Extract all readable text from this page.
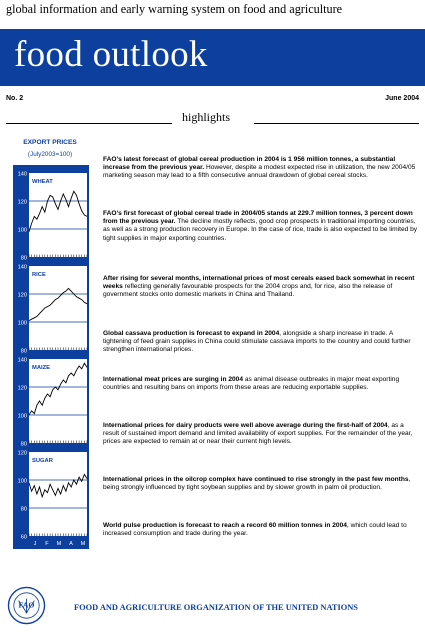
global information and early warning system on food and agriculture
food outlook
No. 2	June 2004
highlights
EXPORT PRICES
(July2003=100)
140
120
100
80
WHEAT
140
120
100
80
RICE
140
120
100
80
MAIZE
120
100
80
60
SUGAR
J F M A M
2004
FAO’s latest forecast of global cereal production in 2004 is 1 956 million tonnes, a substantial increase from the previous year. However, despite a modest expected rise in utilization, the new 2004/05 marketing season may lead to a fifth consecutive annual drawdown of global cereal stocks.
FAO’s first forecast of global cereal trade in 2004/05 stands at 229.7 million tonnes, 3 percent down from the previous year. The decline mostly reflects, good crop prospects in traditional importing countries, as well as a strong production recovery in Europe. In the case of rice, trade is also expected to be limited by tight supplies in major exporting countries.
After rising for several months, international prices of most cereals eased back somewhat in recent weeks reflecting generally favourable prospects for the 2004 crops and, for rice, also the release of government stocks onto domestic markets in China and Thailand.
Global cassava production is forecast to expand in 2004, alongside a sharp increase in trade. A tightening of feed grain supplies in China could stimulate cassava imports to the country and could further strengthen international prices.
International meat prices are surging in 2004 as animal disease outbreaks in major meat exporting countries and resulting bans on imports from these areas are reducing exportable supplies.
International prices for dairy products were well above average during the first-half of 2004, as a result of sustained import demand and limited availability of export supplies. For the remainder of the year, prices are expected to remain at or near their current high levels.
International prices in the oilcrop complex have continued to rise strongly in the past few months, being strongly influenced by tight soybean supplies and by slower growth in palm oil production.
World pulse production is forecast to reach a record 60 million tonnes in 2004, which could lead to increased consumption and trade during the year.
FAO	FOOD AND AGRICULTURE ORGANIZATION OF THE UNITED NATIONS
